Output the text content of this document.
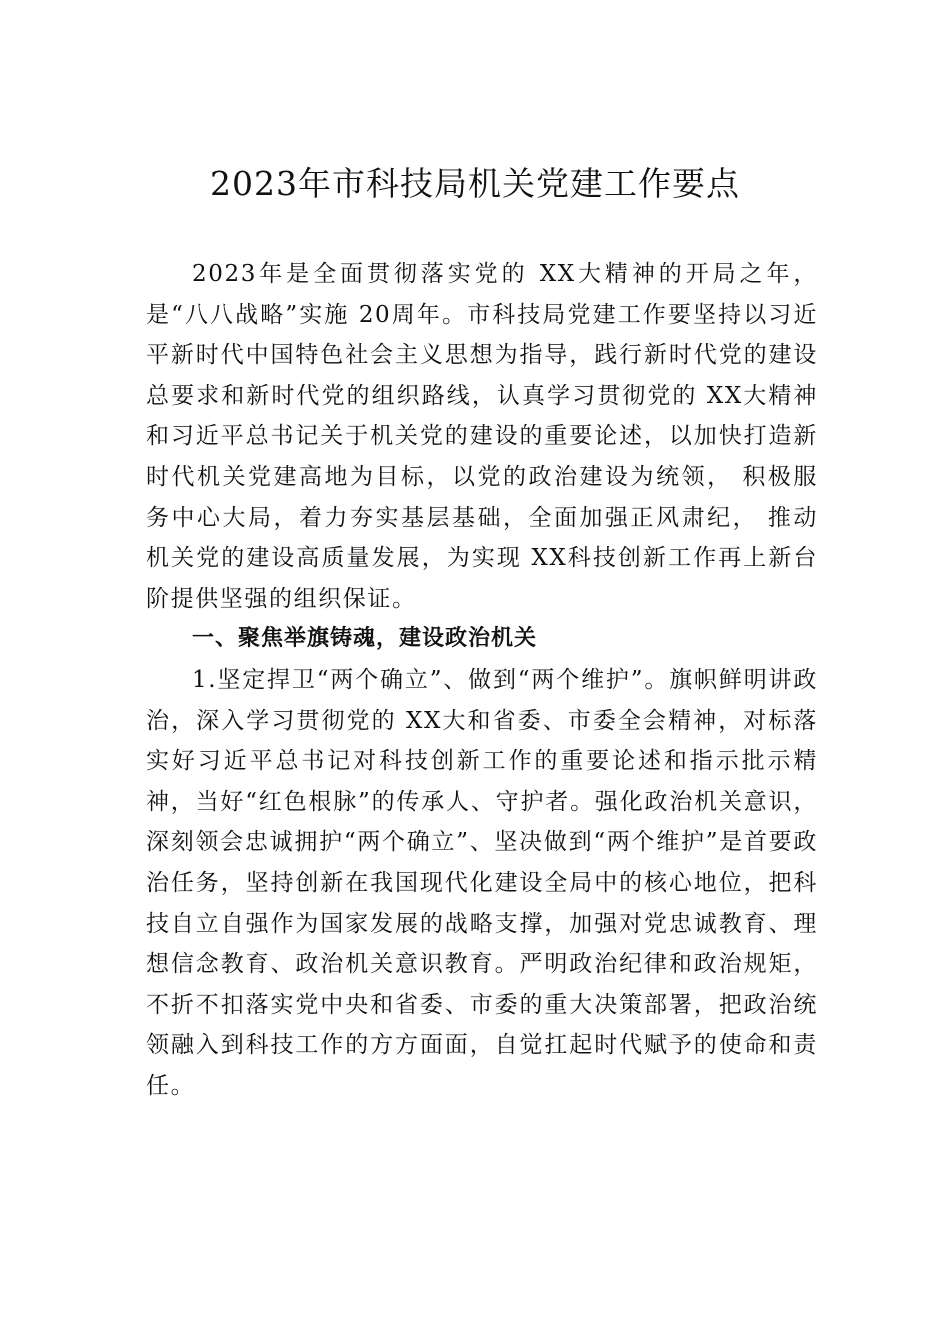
2023年市科技局机关党建工作要点

2023年是全面贯彻落实党的 XX大精神的开局之年，是“八八战略”实施 20周年。市科技局党建工作要坚持以习近平新时代中国特色社会主义思想为指导，践行新时代党的建设总要求和新时代党的组织路线，认真学习贯彻党的 XX大精神和习近平总书记关于机关党的建设的重要论述，以加快打造新时代机关党建高地为目标，以党的政治建设为统领， 积极服务中心大局，着力夯实基层基础，全面加强正风肃纪， 推动机关党的建设高质量发展，为实现 XX科技创新工作再上新台阶提供坚强的组织保证。

一、聚焦举旗铸魂，建设政治机关

1.坚定捍卫“两个确立”、做到“两个维护”。旗帜鲜明讲政治，深入学习贯彻党的 XX大和省委、市委全会精神，对标落实好习近平总书记对科技创新工作的重要论述和指示批示精神，当好“红色根脉”的传承人、守护者。强化政治机关意识，深刻领会忠诚拥护“两个确立”、坚决做到“两个维护”是首要政治任务，坚持创新在我国现代化建设全局中的核心地位，把科技自立自强作为国家发展的战略支撑，加强对党忠诚教育、理想信念教育、政治机关意识教育。严明政治纪律和政治规矩，不折不扣落实党中央和省委、市委的重大决策部署，把政治统领融入到科技工作的方方面面，自觉扛起时代赋予的使命和责任。
